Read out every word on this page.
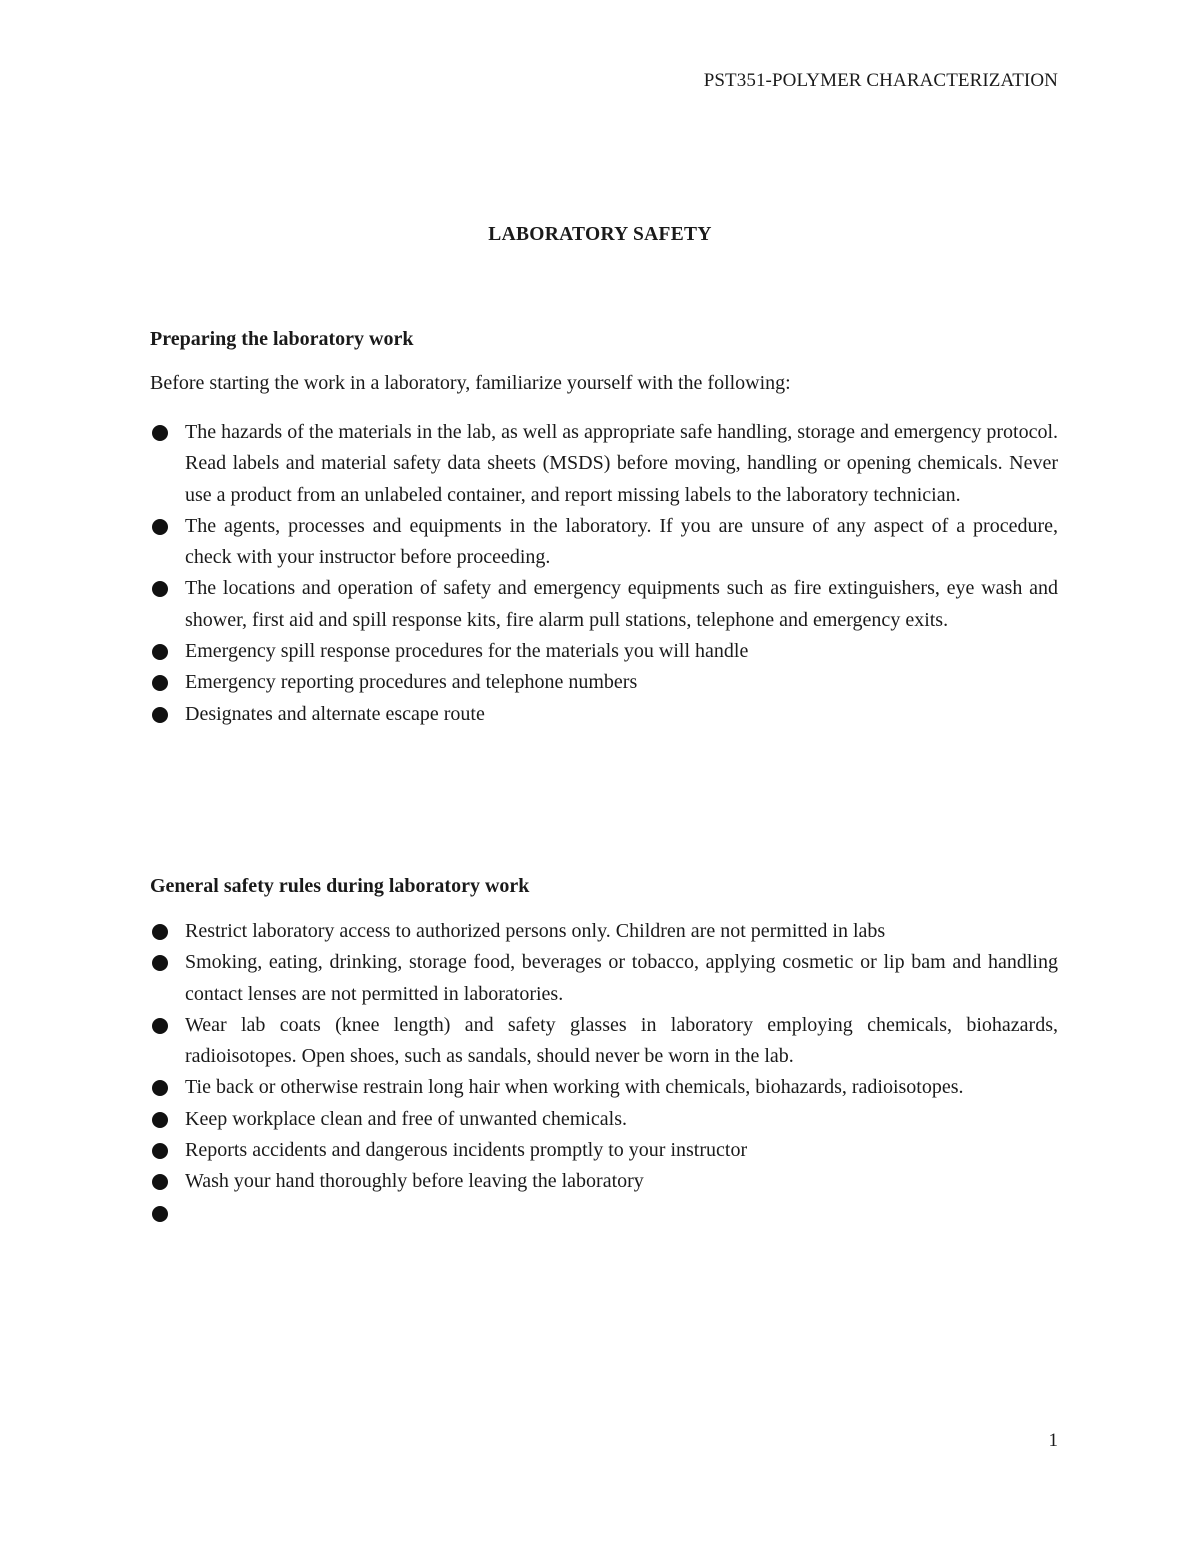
PST351-POLYMER CHARACTERIZATION
LABORATORY SAFETY
Preparing the laboratory work
Before starting the work in a laboratory, familiarize yourself with the following:
The hazards of the materials in the lab, as well as appropriate safe handling, storage and emergency protocol. Read labels and material safety data sheets (MSDS) before moving, handling or opening chemicals. Never use a product from an unlabeled container, and report missing labels to the laboratory technician.
The agents, processes and equipments in the laboratory. If you are unsure of any aspect of a procedure, check with your instructor before proceeding.
The locations and operation of safety and emergency equipments such as fire extinguishers, eye wash and shower, first aid and spill response kits, fire alarm pull stations, telephone and emergency exits.
Emergency spill response procedures for the materials you will handle
Emergency reporting procedures and telephone numbers
Designates and alternate escape route
General safety rules during laboratory work
Restrict laboratory access to authorized persons only. Children are not permitted in labs
Smoking, eating, drinking, storage food, beverages or tobacco, applying cosmetic or lip bam and handling contact lenses are not permitted in laboratories.
Wear lab coats (knee length) and safety glasses in laboratory employing chemicals, biohazards, radioisotopes. Open shoes, such as sandals, should never be worn in the lab.
Tie back or otherwise restrain long hair when working with chemicals, biohazards, radioisotopes.
Keep workplace clean and free of unwanted chemicals.
Reports accidents and dangerous incidents promptly to your instructor
Wash your hand thoroughly before leaving the laboratory
1
